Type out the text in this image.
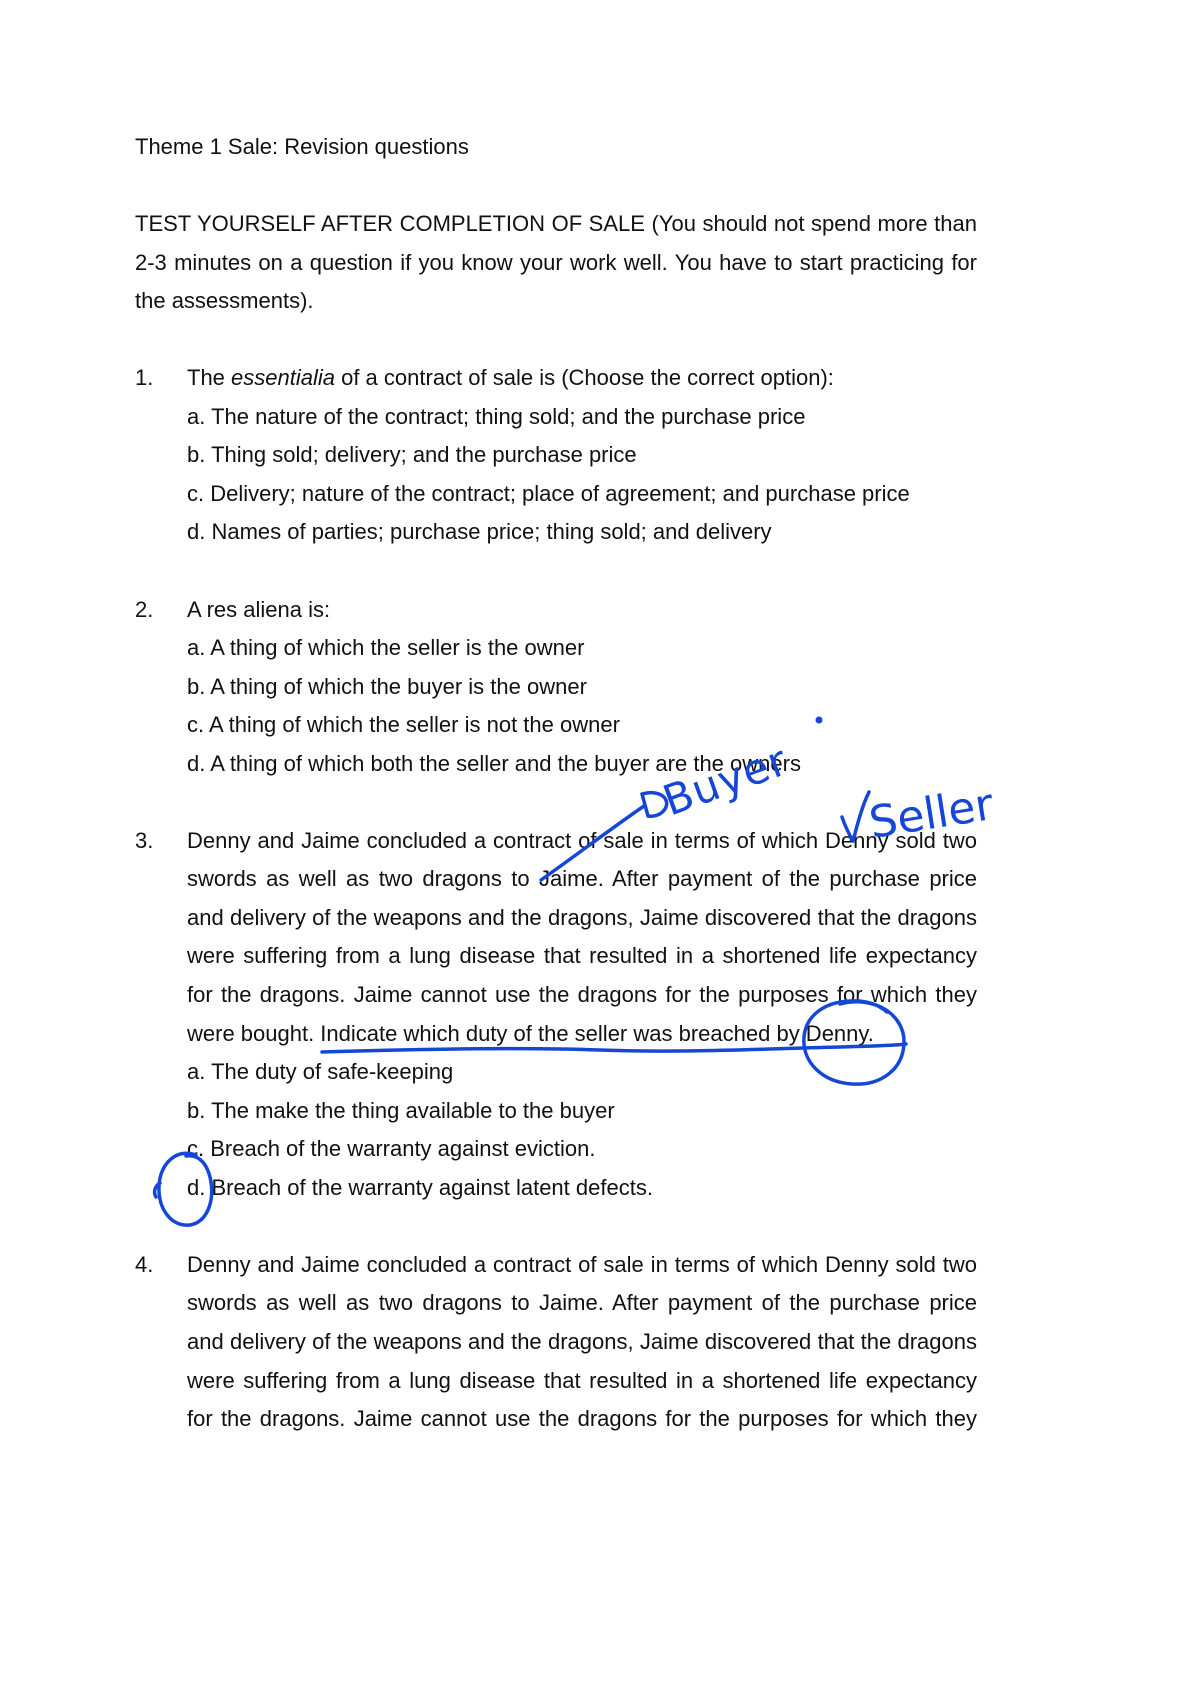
Theme 1 Sale: Revision questions
TEST YOURSELF AFTER COMPLETION OF SALE (You should not spend more than
2-3 minutes on a question if you know your work well. You have to start practicing for
the assessments).
1. The essentialia of a contract of sale is (Choose the correct option):
a. The nature of the contract; thing sold; and the purchase price
b. Thing sold; delivery; and the purchase price
c. Delivery; nature of the contract; place of agreement; and purchase price
d. Names of parties; purchase price; thing sold; and delivery
2. A res aliena is:
a. A thing of which the seller is the owner
b. A thing of which the buyer is the owner
c. A thing of which the seller is not the owner
d. A thing of which both the seller and the buyer are the owners
3. Denny and Jaime concluded a contract of sale in terms of which Denny sold two
swords as well as two dragons to Jaime. After payment of the purchase price
and delivery of the weapons and the dragons, Jaime discovered that the dragons
were suffering from a lung disease that resulted in a shortened life expectancy
for the dragons. Jaime cannot use the dragons for the purposes for which they
were bought. Indicate which duty of the seller was breached by Denny.
a. The duty of safe-keeping
b. The make the thing available to the buyer
c. Breach of the warranty against eviction.
d. Breach of the warranty against latent defects.
4. Denny and Jaime concluded a contract of sale in terms of which Denny sold two
swords as well as two dragons to Jaime. After payment of the purchase price
and delivery of the weapons and the dragons, Jaime discovered that the dragons
were suffering from a lung disease that resulted in a shortened life expectancy
for the dragons. Jaime cannot use the dragons for the purposes for which they
Buyer Seller
